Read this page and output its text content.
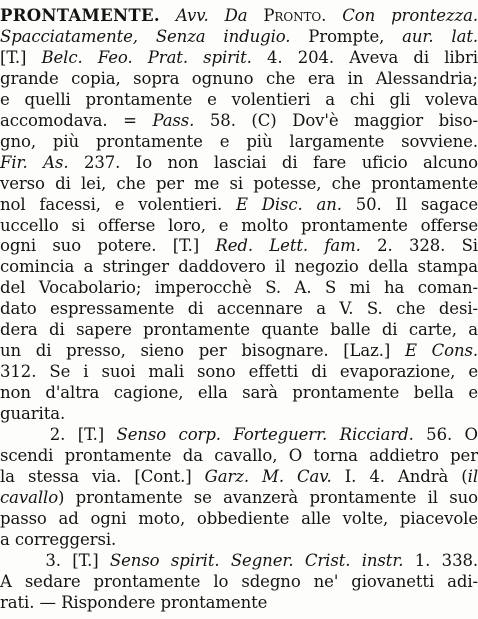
PRONTAMENTE. Avv. Da Pronto. Con prontezza.

Spacciatamente, Senza indugio. Prompte, aur. lat.

[T.] Belc. Feo. Prat. spirit. 4. 204. Aveva di libri

grande copia, sopra ognuno che era in Alessandria;

e quelli prontamente e volentieri a chi gli voleva

accomodava. = Pass. 58. (C) Dov'è maggior biso-

gno, più prontamente e più largamente sovviene.

Fir. As. 237. Io non lasciai di fare uficio alcuno

verso di lei, che per me si potesse, che prontamente

nol facessi, e volentieri. E Disc. an. 50. Il sagace

uccello si offerse loro, e molto prontamente offerse

ogni suo potere. [T.] Red. Lett. fam. 2. 328. Si

comincia a stringer daddovero il negozio della stampa

del Vocabolario; imperocchè S. A. S mi ha coman-

dato espressamente di accennare a V. S. che desi-

dera di sapere prontamente quante balle di carte, a

un di presso, sieno per bisognare. [Laz.] E Cons.

312. Se i suoi mali sono effetti di evaporazione, e

non d'altra cagione, ella sarà prontamente bella e

guarita.

2. [T.] Senso corp. Forteguerr. Ricciard. 56. O

scendi prontamente da cavallo, O torna addietro per

la stessa via. [Cont.] Garz. M. Cav. I. 4. Andrà (il

cavallo) prontamente se avanzerà prontamente il suo

passo ad ogni moto, obbediente alle volte, piacevole

a correggersi.

3. [T.] Senso spirit. Segner. Crist. instr. 1. 338.

A sedare prontamente lo sdegno ne' giovanetti adi-

rati. — Rispondere prontamente
